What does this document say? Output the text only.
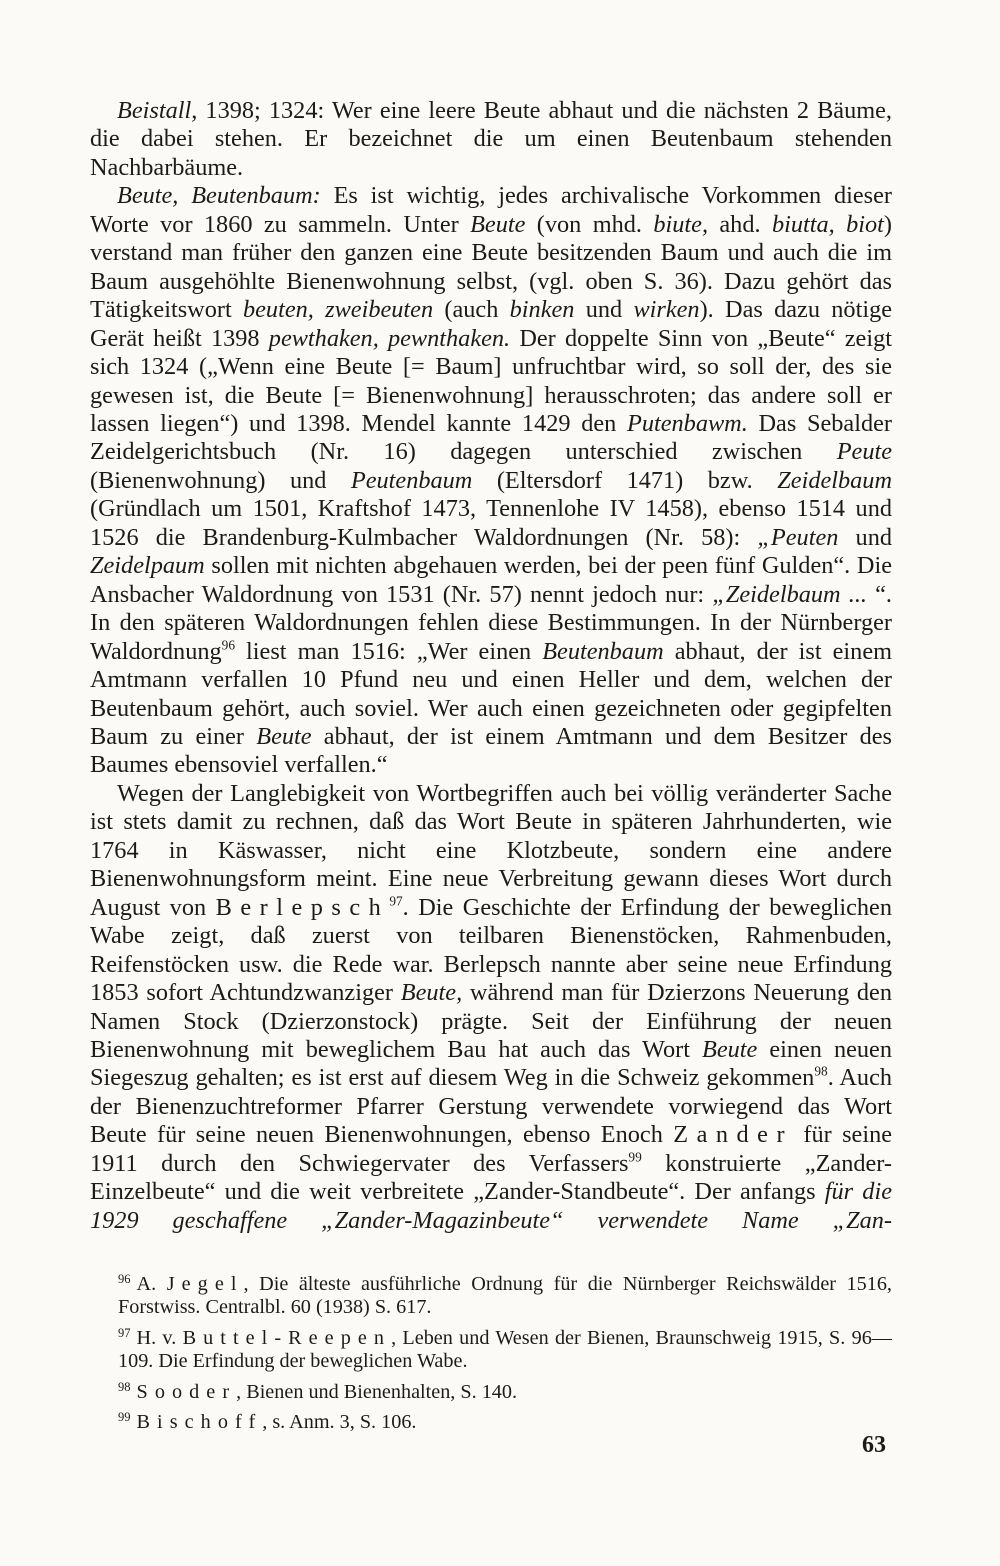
Beistall, 1398; 1324: Wer eine leere Beute abhaut und die nächsten 2 Bäume, die dabei stehen. Er bezeichnet die um einen Beutenbaum stehenden Nachbarbäume.

Beute, Beutenbaum: Es ist wichtig, jedes archivalische Vorkommen dieser Worte vor 1860 zu sammeln. Unter Beute (von mhd. biute, ahd. biutta, biot) verstand man früher den ganzen eine Beute besitzenden Baum und auch die im Baum ausgehöhlte Bienenwohnung selbst, (vgl. oben S. 36). Dazu gehört das Tätigkeitswort beuten, zweibeuten (auch binken und wirken). Das dazu nötige Gerät heißt 1398 pewthaken, pewnthaken. Der doppelte Sinn von „Beute“ zeigt sich 1324 („Wenn eine Beute [= Baum] unfruchtbar wird, so soll der, des sie gewesen ist, die Beute [= Bienenwohnung] herausschroten; das andere soll er lassen liegen“) und 1398. Mendel kannte 1429 den Putenbawm. Das Sebalder Zeidelgerichtsbuch (Nr. 16) dagegen unterschied zwischen Peute (Bienenwohnung) und Peutenbaum (Eltersdorf 1471) bzw. Zeidelbaum (Gründlach um 1501, Kraftshof 1473, Tennenlohe IV 1458), ebenso 1514 und 1526 die Brandenburg-Kulmbacher Waldordnungen (Nr. 58): „Peuten und Zeidelpaum sollen mit nichten abgehauen werden, bei der peen fünf Gulden“. Die Ansbacher Waldordnung von 1531 (Nr. 57) nennt jedoch nur: „Zeidelbaum ... “. In den späteren Waldordnungen fehlen diese Bestimmungen. In der Nürnberger Waldordnung$^{96}$ liest man 1516: „Wer einen Beutenbaum abhaut, der ist einem Amtmann verfallen 10 Pfund neu und einen Heller und dem, welchen der Beutenbaum gehört, auch soviel. Wer auch einen gezeichneten oder gegipfelten Baum zu einer Beute abhaut, der ist einem Amtmann und dem Besitzer des Baumes ebensoviel verfallen.“

Wegen der Langlebigkeit von Wortbegriffen auch bei völlig veränderter Sache ist stets damit zu rechnen, daß das Wort Beute in späteren Jahrhunderten, wie 1764 in Käswasser, nicht eine Klotzbeute, sondern eine andere Bienenwohnungsform meint. Eine neue Verbreitung gewann dieses Wort durch August von Berlepsch$^{97}$. Die Geschichte der Erfindung der beweglichen Wabe zeigt, daß zuerst von teilbaren Bienenstöcken, Rahmenbuden, Reifenstöcken usw. die Rede war. Berlepsch nannte aber seine neue Erfindung 1853 sofort Achtundzwanziger Beute, während man für Dzierzons Neuerung den Namen Stock (Dzierzonstock) prägte. Seit der Einführung der neuen Bienenwohnung mit beweglichem Bau hat auch das Wort Beute einen neuen Siegeszug gehalten; es ist erst auf diesem Weg in die Schweiz gekommen$^{98}$. Auch der Bienenzuchtreformer Pfarrer Gerstung verwendete vorwiegend das Wort Beute für seine neuen Bienenwohnungen, ebenso Enoch Zander für seine 1911 durch den Schwiegervater des Verfassers$^{99}$ konstruierte „Zander-Einzelbeute“ und die weit verbreitete „Zander-Standbeute“. Der anfangs für die 1929 geschaffene „Zander-Magazinbeute“ verwendete Name „Zan-

$^{96}$ A. Jegel, Die älteste ausführliche Ordnung für die Nürnberger Reichswälder 1516, Forstwiss. Centralbl. 60 (1938) S. 617.

$^{97}$ H. v. Buttel-Reepen, Leben und Wesen der Bienen, Braunschweig 1915, S. 96—109. Die Erfindung der beweglichen Wabe.

$^{98}$ Sooder, Bienen und Bienenhalten, S. 140.

$^{99}$ Bischoff, s. Anm. 3, S. 106.

63
